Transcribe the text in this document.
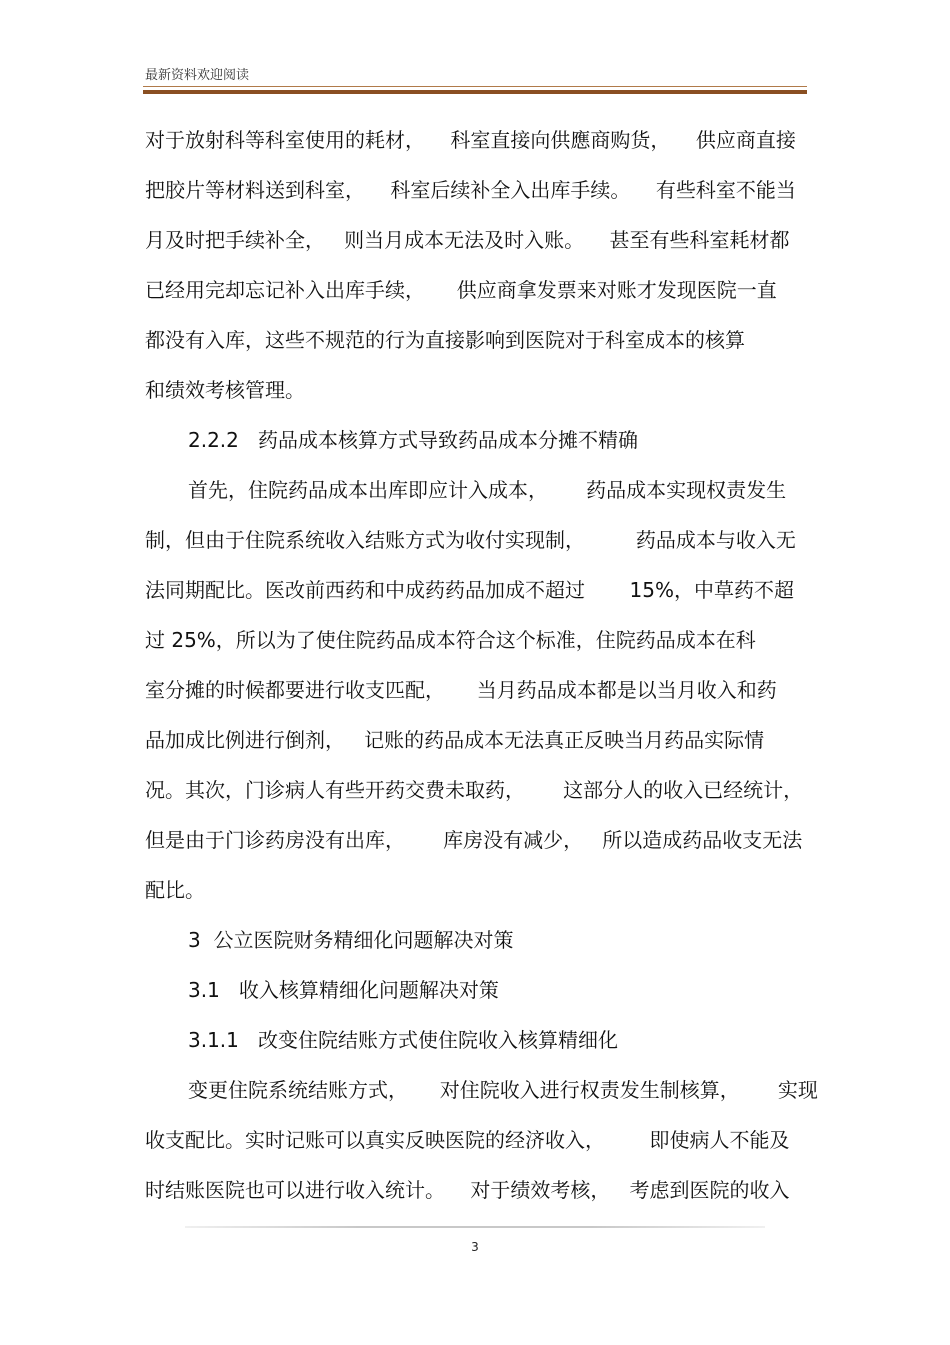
最新资料欢迎阅读
对于放射科等科室使用的耗材，    科室直接向供應商购货，    供应商直接
把胶片等材料送到科室，    科室后续补全入出库手续。    有些科室不能当
月及时把手续补全，   则当月成本无法及时入账。    甚至有些科室耗材都
已经用完却忘记补入出库手续，     供应商拿发票来对账才发现医院一直
都没有入库，这些不规范的行为直接影响到医院对于科室成本的核算
和绩效考核管理。
2.2.2   药品成本核算方式导致药品成本分摊不精确
首先，住院药品成本出库即应计入成本，      药品成本实现权责发生
制，但由于住院系统收入结账方式为收付实现制，        药品成本与收入无
法同期配比。医改前西药和中成药药品加成不超过       15%，中草药不超
过 25%，所以为了使住院药品成本符合这个标准，住院药品成本在科
室分摊的时候都要进行收支匹配，     当月药品成本都是以当月收入和药
品加成比例进行倒剂，   记账的药品成本无法真正反映当月药品实际情
况。其次，门诊病人有些开药交费未取药，      这部分人的收入已经统计，
但是由于门诊药房没有出库，      库房没有减少，   所以造成药品收支无法
配比。
3  公立医院财务精细化问题解决对策
3.1   收入核算精细化问题解决对策
3.1.1   改变住院结账方式使住院收入核算精细化
变更住院系统结账方式，     对住院收入进行权责发生制核算，      实现
收支配比。实时记账可以真实反映医院的经济收入，       即使病人不能及
时结账医院也可以进行收入统计。    对于绩效考核，   考虑到医院的收入
3
